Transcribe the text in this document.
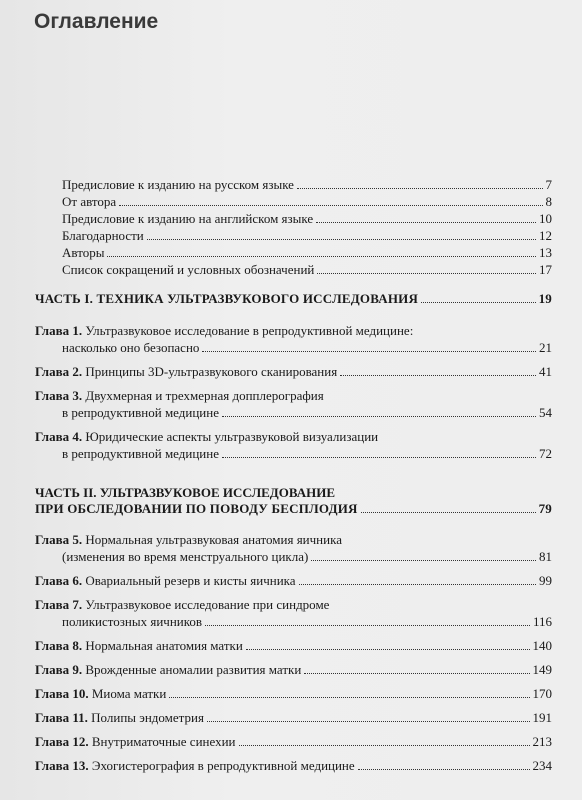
Оглавление
Предисловие к изданию на русском языке	7
От автора	8
Предисловие к изданию на английском языке	10
Благодарности	12
Авторы	13
Список сокращений и условных обозначений	17
ЧАСТЬ I. ТЕХНИКА УЛЬТРАЗВУКОВОГО ИССЛЕДОВАНИЯ	19
Глава 1. Ультразвуковое исследование в репродуктивной медицине:
насколько оно безопасно	21
Глава 2. Принципы 3D-ультразвукового сканирования	41
Глава 3. Двухмерная и трехмерная допплерография
в репродуктивной медицине	54
Глава 4. Юридические аспекты ультразвуковой визуализации
в репродуктивной медицине	72
ЧАСТЬ II. УЛЬТРАЗВУКОВОЕ ИССЛЕДОВАНИЕ
ПРИ ОБСЛЕДОВАНИИ ПО ПОВОДУ БЕСПЛОДИЯ	79
Глава 5. Нормальная ультразвуковая анатомия яичника
(изменения во время менструального цикла)	81
Глава 6. Овариальный резерв и кисты яичника	99
Глава 7. Ультразвуковое исследование при синдроме
поликистозных яичников	116
Глава 8. Нормальная анатомия матки	140
Глава 9. Врожденные аномалии развития матки	149
Глава 10. Миома матки	170
Глава 11. Полипы эндометрия	191
Глава 12. Внутриматочные синехии	213
Глава 13. Эхогистерография в репродуктивной медицине	234
